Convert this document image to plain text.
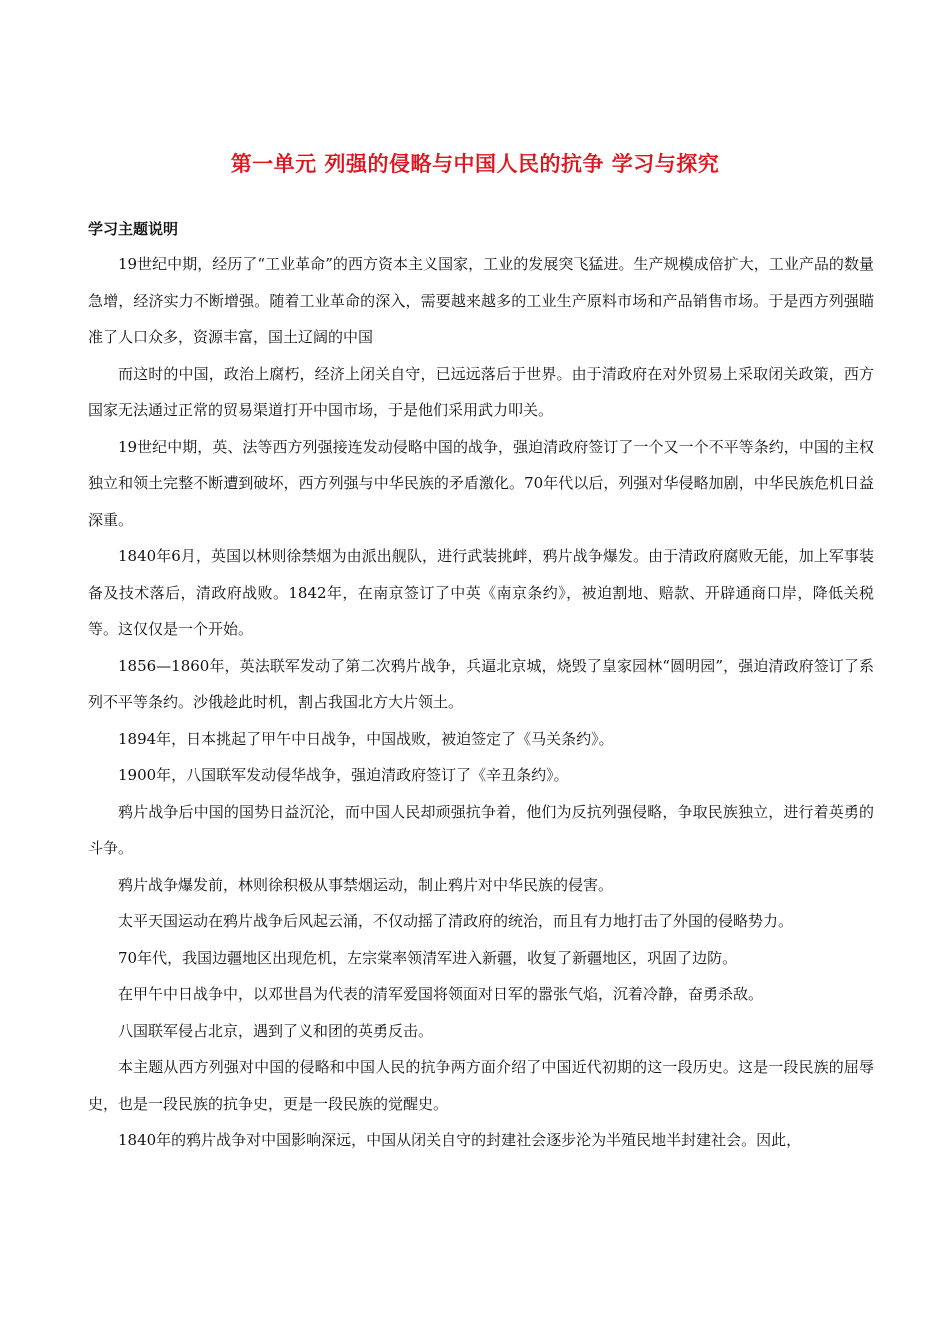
第一单元 列强的侵略与中国人民的抗争 学习与探究
学习主题说明

19世纪中期，经历了“工业革命”的西方资本主义国家，工业的发展突飞猛进。生产规模成倍扩大，工业产品的数量急增，经济实力不断增强。随着工业革命的深入，需要越来越多的工业生产原料市场和产品销售市场。于是西方列强瞄准了人口众多，资源丰富，国土辽阔的中国

而这时的中国，政治上腐朽，经济上闭关自守，已远远落后于世界。由于清政府在对外贸易上采取闭关政策，西方国家无法通过正常的贸易渠道打开中国市场，于是他们采用武力叩关。

19世纪中期，英、法等西方列强接连发动侵略中国的战争，强迫清政府签订了一个又一个不平等条约，中国的主权独立和领土完整不断遭到破坏，西方列强与中华民族的矛盾激化。70年代以后，列强对华侵略加剧，中华民族危机日益深重。

1840年6月，英国以林则徐禁烟为由派出舰队，进行武装挑衅，鸦片战争爆发。由于清政府腐败无能，加上军事装备及技术落后，清政府战败。1842年，在南京签订了中英《南京条约》，被迫割地、赔款、开辟通商口岸，降低关税等。这仅仅是一个开始。

1856—1860年，英法联军发动了第二次鸦片战争，兵逼北京城，烧毁了皇家园林“圆明园”，强迫清政府签订了系列不平等条约。沙俄趁此时机，割占我国北方大片领土。

1894年，日本挑起了甲午中日战争，中国战败，被迫签定了《马关条约》。

1900年，八国联军发动侵华战争，强迫清政府签订了《辛丑条约》。

鸦片战争后中国的国势日益沉沦，而中国人民却顽强抗争着，他们为反抗列强侵略，争取民族独立，进行着英勇的斗争。

鸦片战争爆发前，林则徐积极从事禁烟运动，制止鸦片对中华民族的侵害。

太平天国运动在鸦片战争后风起云涌，不仅动摇了清政府的统治，而且有力地打击了外国的侵略势力。

70年代，我国边疆地区出现危机，左宗棠率领清军进入新疆，收复了新疆地区，巩固了边防。

在甲午中日战争中，以邓世昌为代表的清军爱国将领面对日军的嚣张气焰，沉着冷静，奋勇杀敌。

八国联军侵占北京，遇到了义和团的英勇反击。

本主题从西方列强对中国的侵略和中国人民的抗争两方面介绍了中国近代初期的这一段历史。这是一段民族的屈辱史，也是一段民族的抗争史，更是一段民族的觉醒史。

1840年的鸦片战争对中国影响深远，中国从闭关自守的封建社会逐步沦为半殖民地半封建社会。因此，
